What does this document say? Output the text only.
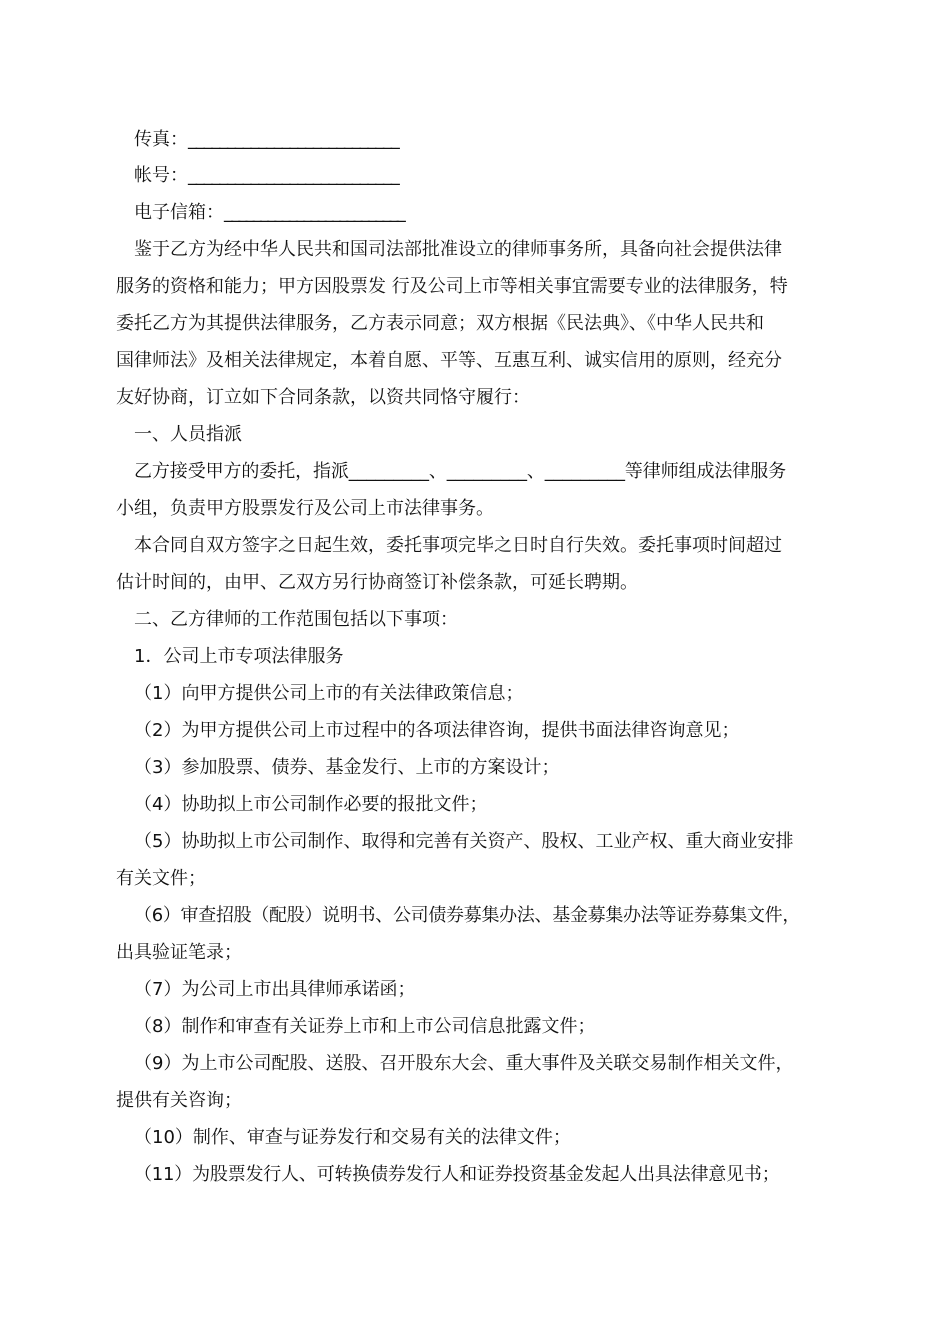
传真：___________________________
帐号：___________________________
电子信箱：_________________________
鉴于乙方为经中华人民共和国司法部批准设立的律师事务所，具备向社会提供法律
服务的资格和能力；甲方因股票发 行及公司上市等相关事宜需要专业的法律服务，特
委托乙方为其提供法律服务，乙方表示同意；双方根据《民法典》、《中华人民共和
国律师法》及相关法律规定，本着自愿、平等、互惠互利、诚实信用的原则，经充分
友好协商，订立如下合同条款，以资共同恪守履行：
一、人员指派
乙方接受甲方的委托，指派_________、_________、_________等律师组成法律服务
小组，负责甲方股票发行及公司上市法律事务。
本合同自双方签字之日起生效，委托事项完毕之日时自行失效。委托事项时间超过
估计时间的，由甲、乙双方另行协商签订补偿条款，可延长聘期。
二、乙方律师的工作范围包括以下事项：
1．公司上市专项法律服务
（1）向甲方提供公司上市的有关法律政策信息；
（2）为甲方提供公司上市过程中的各项法律咨询，提供书面法律咨询意见；
（3）参加股票、债券、基金发行、上市的方案设计；
（4）协助拟上市公司制作必要的报批文件；
（5）协助拟上市公司制作、取得和完善有关资产、股权、工业产权、重大商业安排
有关文件；
（6）审查招股（配股）说明书、公司债券募集办法、基金募集办法等证券募集文件，
出具验证笔录；
（7）为公司上市出具律师承诺函；
（8）制作和审查有关证券上市和上市公司信息批露文件；
（9）为上市公司配股、送股、召开股东大会、重大事件及关联交易制作相关文件，
提供有关咨询；
（10）制作、审查与证券发行和交易有关的法律文件；
（11）为股票发行人、可转换债券发行人和证券投资基金发起人出具法律意见书；
